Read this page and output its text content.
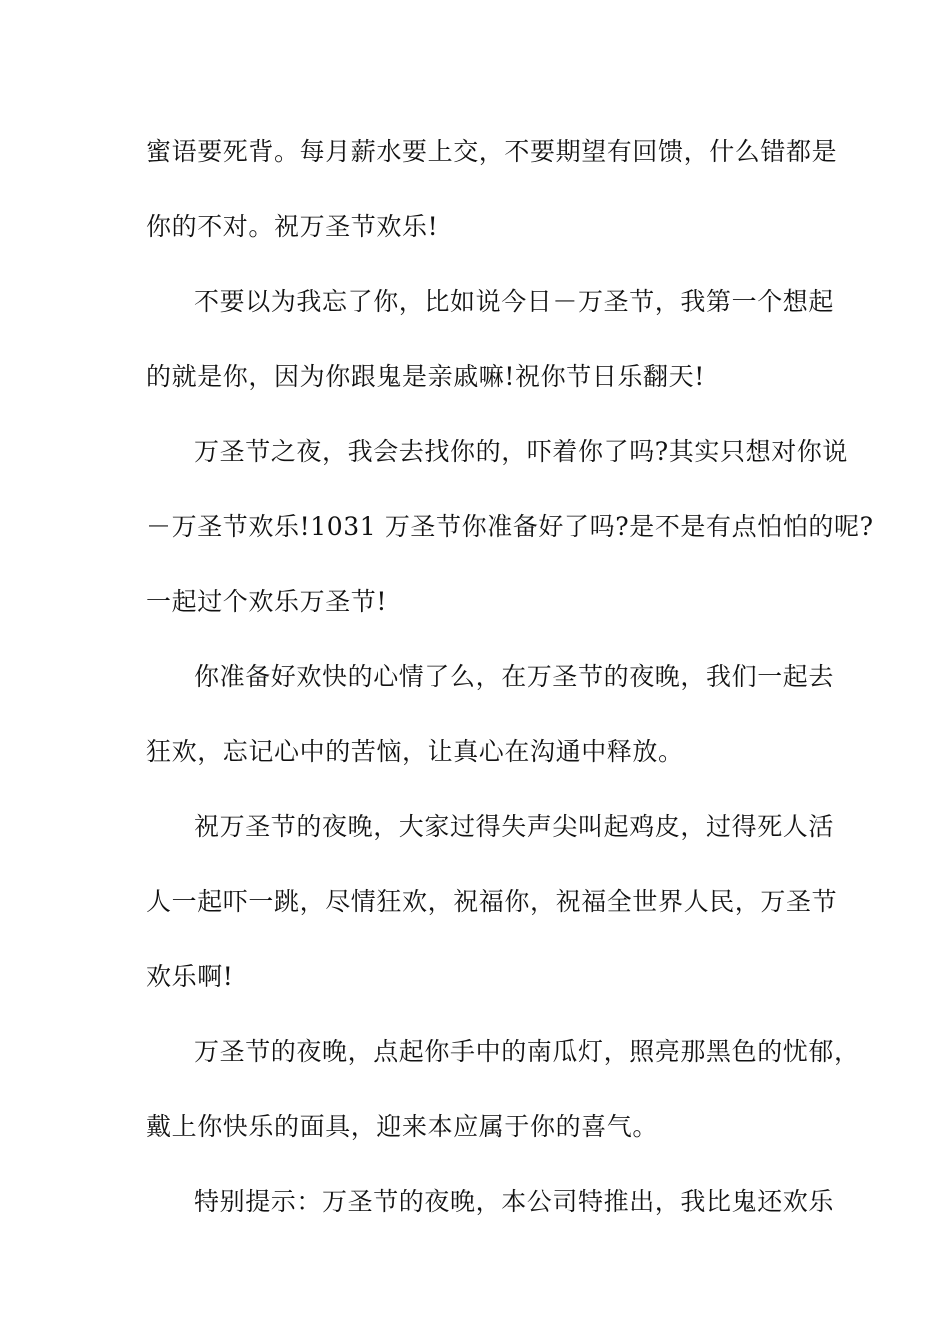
蜜语要死背。每月薪水要上交，不要期望有回馈，什么错都是
你的不对。祝万圣节欢乐!
不要以为我忘了你，比如说今日－万圣节，我第一个想起
的就是你，因为你跟鬼是亲戚嘛!祝你节日乐翻天!
万圣节之夜，我会去找你的，吓着你了吗?其实只想对你说
－万圣节欢乐!1031 万圣节你准备好了吗?是不是有点怕怕的呢?
一起过个欢乐万圣节!
你准备好欢快的心情了么，在万圣节的夜晚，我们一起去
狂欢，忘记心中的苦恼，让真心在沟通中释放。
祝万圣节的夜晚，大家过得失声尖叫起鸡皮，过得死人活
人一起吓一跳，尽情狂欢，祝福你，祝福全世界人民，万圣节
欢乐啊!
万圣节的夜晚，点起你手中的南瓜灯，照亮那黑色的忧郁，
戴上你快乐的面具，迎来本应属于你的喜气。
特别提示：万圣节的夜晚，本公司特推出，我比鬼还欢乐
